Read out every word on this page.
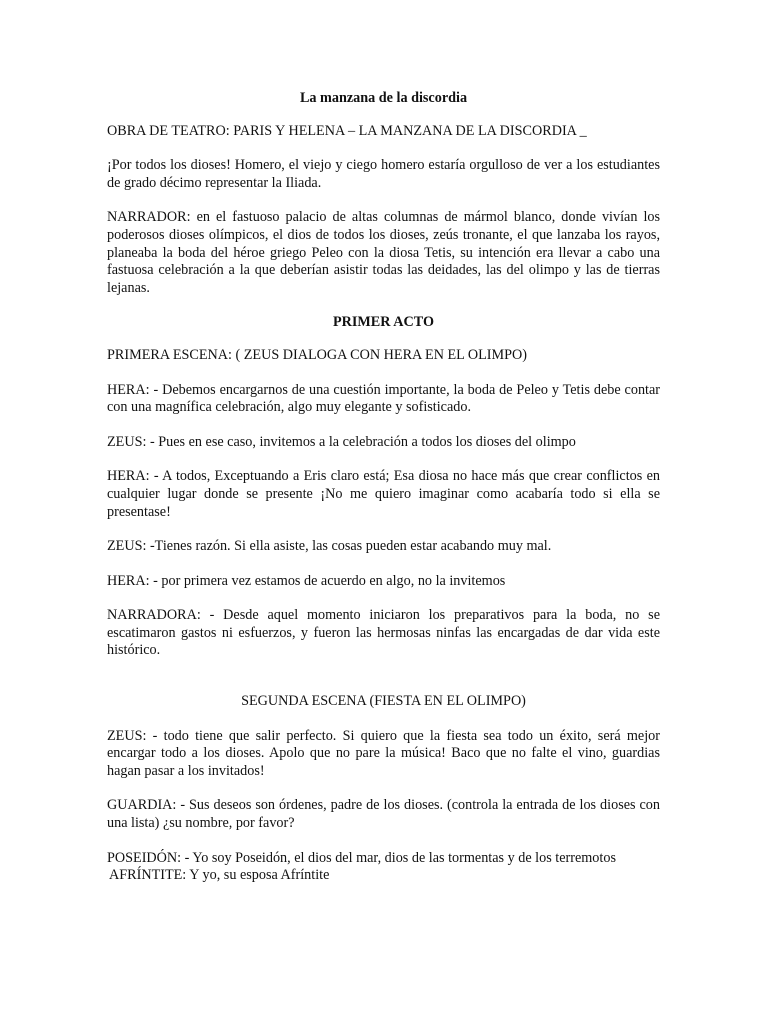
La manzana de la discordia

OBRA DE TEATRO: PARIS Y HELENA – LA MANZANA DE LA DISCORDIA _

¡Por todos los dioses! Homero, el viejo y ciego homero estaría orgulloso de ver a los estudiantes de grado décimo representar la Iliada.

NARRADOR: en el fastuoso palacio de altas columnas de mármol blanco, donde vivían los poderosos dioses olímpicos, el dios de todos los dioses, zeús tronante, el que lanzaba los rayos, planeaba la boda del héroe griego Peleo con la diosa Tetis, su intención era llevar a cabo una fastuosa celebración a la que deberían asistir todas las deidades, las del olimpo y las de tierras lejanas.

PRIMER ACTO

PRIMERA ESCENA: ( ZEUS DIALOGA CON HERA EN EL OLIMPO)

HERA: - Debemos encargarnos de una cuestión importante, la boda de Peleo y Tetis debe contar con una magnífica celebración, algo muy elegante y sofisticado.

ZEUS: - Pues en ese caso, invitemos a la celebración a todos los dioses del olimpo

HERA: - A todos, Exceptuando a Eris claro está; Esa diosa no hace más que crear conflictos en cualquier lugar donde se presente ¡No me quiero imaginar como acabaría todo si ella se presentase!

ZEUS: -Tienes razón. Si ella asiste, las cosas pueden estar acabando muy mal.

HERA: - por primera vez estamos de acuerdo en algo, no la invitemos

NARRADORA: - Desde aquel momento iniciaron los preparativos para la boda, no se escatimaron gastos ni esfuerzos, y fueron las hermosas ninfas las encargadas de dar vida este histórico.

SEGUNDA ESCENA (FIESTA EN EL OLIMPO)

ZEUS: - todo tiene que salir perfecto. Si quiero que la fiesta sea todo un éxito, será mejor encargar todo a los dioses. Apolo que no pare la música! Baco que no falte el vino, guardias hagan pasar a los invitados!

GUARDIA: - Sus deseos son órdenes, padre de los dioses. (controla la entrada de los dioses con una lista) ¿su nombre, por favor?

POSEIDÓN: - Yo soy Poseidón, el dios del mar, dios de las tormentas y de los terremotos

AFRÍNTITE: Y yo, su esposa Afríntite
